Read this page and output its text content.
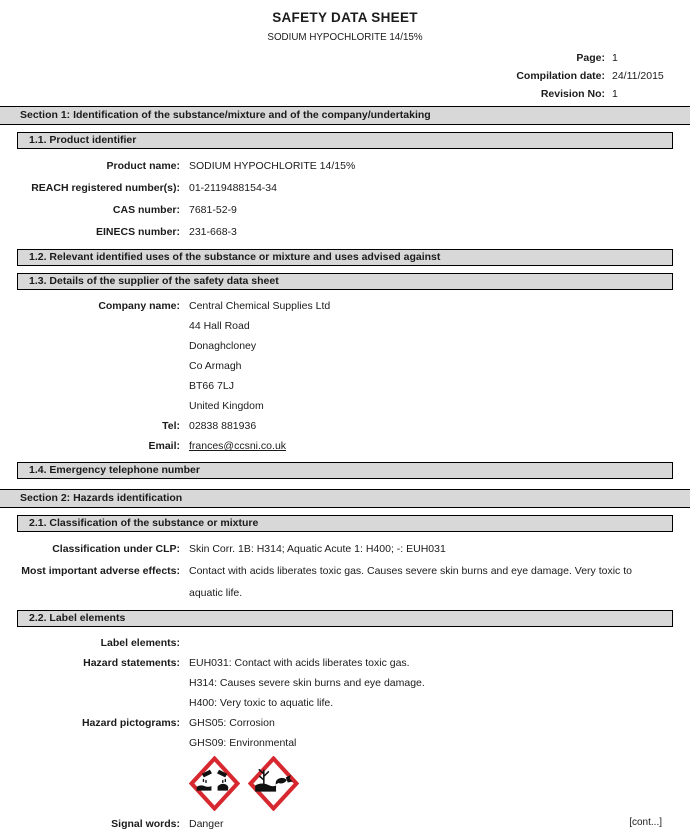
SAFETY DATA SHEET
SODIUM HYPOCHLORITE 14/15%
Page: 1
Compilation date: 24/11/2015
Revision No: 1
Section 1: Identification of the substance/mixture and of the company/undertaking
1.1. Product identifier
Product name: SODIUM HYPOCHLORITE 14/15%
REACH registered number(s): 01-2119488154-34
CAS number: 7681-52-9
EINECS number: 231-668-3
1.2. Relevant identified uses of the substance or mixture and uses advised against
1.3. Details of the supplier of the safety data sheet
Company name: Central Chemical Supplies Ltd
44 Hall Road
Donaghcloney
Co Armagh
BT66 7LJ
United Kingdom
Tel: 02838 881936
Email: frances@ccsni.co.uk
1.4. Emergency telephone number
Section 2: Hazards identification
2.1. Classification of the substance or mixture
Classification under CLP: Skin Corr. 1B: H314; Aquatic Acute 1: H400; -: EUH031
Most important adverse effects: Contact with acids liberates toxic gas. Causes severe skin burns and eye damage. Very toxic to aquatic life.
2.2. Label elements
Label elements:
Hazard statements: EUH031: Contact with acids liberates toxic gas.
H314: Causes severe skin burns and eye damage.
H400: Very toxic to aquatic life.
Hazard pictograms: GHS05: Corrosion
GHS09: Environmental
Signal words: Danger	[cont...]
